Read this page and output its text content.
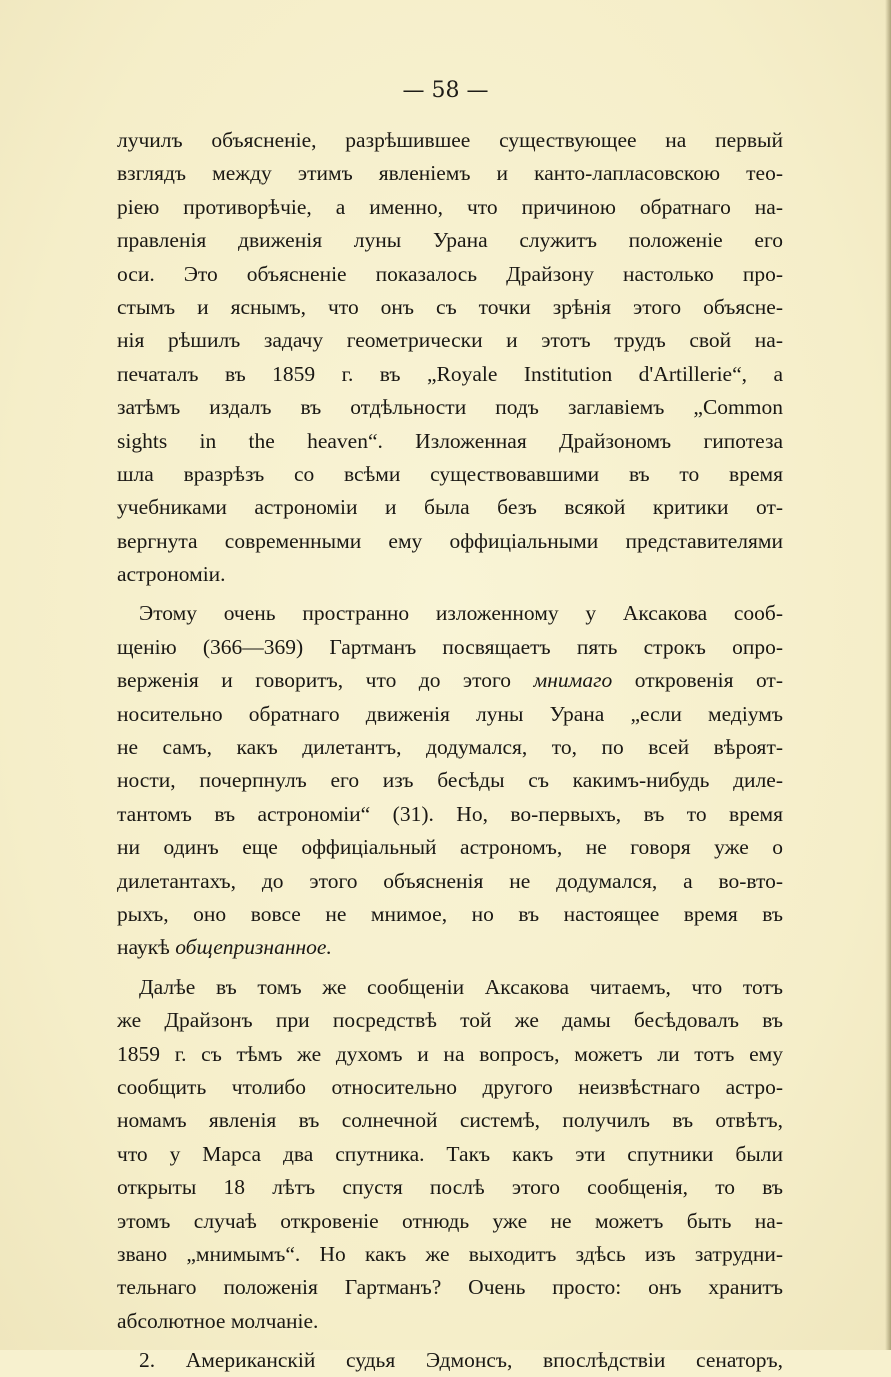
— 58 —
лучилъ объясненіе, разрѣшившее существующее на первый
взглядъ между этимъ явленіемъ и канто-лапласовскою тео-
ріею противорѣчіе, а именно, что причиною обратнаго на-
правленія движенія луны Урана служитъ положеніе его
оси. Это объясненіе показалось Драйзону настолько про-
стымъ и яснымъ, что онъ съ точки зрѣнія этого объясне-
нія рѣшилъ задачу геометрически и этотъ трудъ свой на-
печаталъ въ 1859 г. въ „Royale Institution d'Artillerie“, а
затѣмъ издалъ въ отдѣльности подъ заглавіемъ „Common
sights in the heaven“. Изложенная Драйзономъ гипотеза
шла вразрѣзъ со всѣми существовавшими въ то время
учебниками астрономіи и была безъ всякой критики от-
вергнута современными ему оффиціальными представителями
астрономіи.
Этому очень пространно изложенному у Аксакова сооб-
щенію (366—369) Гартманъ посвящаетъ пять строкъ опро-
верженія и говоритъ, что до этого мнимаго откровенія от-
носительно обратнаго движенія луны Урана „если медіумъ
не самъ, какъ дилетантъ, додумался, то, по всей вѣроят-
ности, почерпнулъ его изъ бесѣды съ какимъ-нибудь диле-
тантомъ въ астрономіи“ (31). Но, во-первыхъ, въ то время
ни одинъ еще оффиціальный астрономъ, не говоря уже о
дилетантахъ, до этого объясненія не додумался, а во-вто-
рыхъ, оно вовсе не мнимое, но въ настоящее время въ
наукѣ общепризнанное.
Далѣе въ томъ же сообщеніи Аксакова читаемъ, что тотъ
же Драйзонъ при посредствѣ той же дамы бесѣдовалъ въ
1859 г. съ тѣмъ же духомъ и на вопросъ, можетъ ли тотъ ему
сообщить чтолибо относительно другого неизвѣстнаго астро-
номамъ явленія въ солнечной системѣ, получилъ въ отвѣтъ,
что у Марса два спутника. Такъ какъ эти спутники были
открыты 18 лѣтъ спустя послѣ этого сообщенія, то въ
этомъ случаѣ откровеніе отнюдь уже не можетъ быть на-
звано „мнимымъ“. Но какъ же выходитъ здѣсь изъ затрудни-
тельнаго положенія Гартманъ? Очень просто: онъ хранитъ
абсолютное молчаніе.
2. Американскій судья Эдмонсъ, впослѣдствіи сенаторъ,
